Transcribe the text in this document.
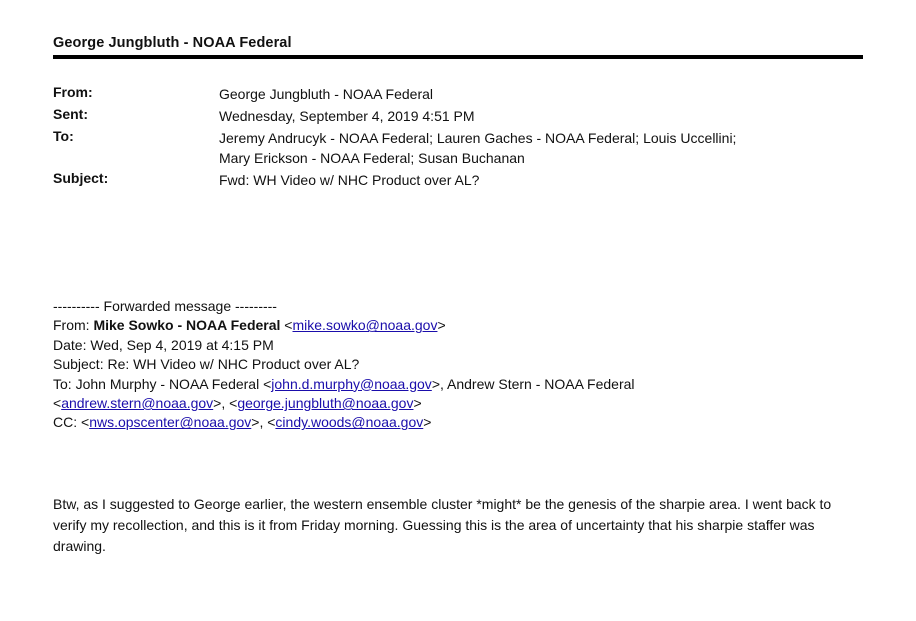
George Jungbluth - NOAA Federal
From:	George Jungbluth - NOAA Federal
Sent:	Wednesday, September 4, 2019 4:51 PM
To:	Jeremy Andrucyk - NOAA Federal; Lauren Gaches - NOAA Federal; Louis Uccellini;
Mary Erickson - NOAA Federal; Susan Buchanan
Subject:	Fwd: WH Video w/ NHC Product over AL?
---------- Forwarded message ---------
From: Mike Sowko - NOAA Federal <mike.sowko@noaa.gov>
Date: Wed, Sep 4, 2019 at 4:15 PM
Subject: Re: WH Video w/ NHC Product over AL?
To: John Murphy - NOAA Federal <john.d.murphy@noaa.gov>, Andrew Stern - NOAA Federal
<andrew.stern@noaa.gov>, <george.jungbluth@noaa.gov>
CC: <nws.opscenter@noaa.gov>, <cindy.woods@noaa.gov>
Btw, as I suggested to George earlier, the western ensemble cluster *might* be the genesis of the sharpie area. I went back to verify my recollection, and this is it from Friday morning. Guessing this is the area of uncertainty that his sharpie staffer was drawing.
